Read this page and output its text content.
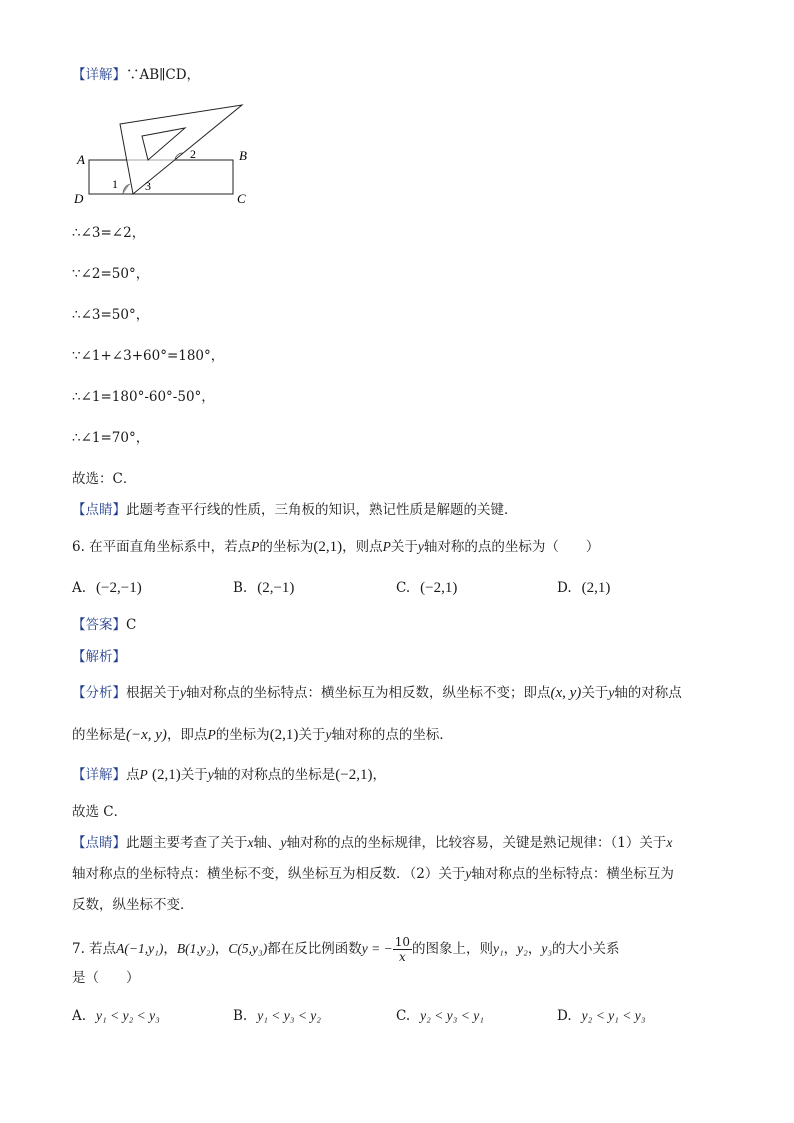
【详解】∵AB∥CD，
A	B
C
D
1
2
3
∴∠3=∠2，
∵∠2=50°，
∴∠3=50°，
∵∠1+∠3+60°=180°，
∴∠1=180°-60°-50°，
∴∠1=70°，
故选：C．
【点睛】此题考查平行线的性质，三角板的知识，熟记性质是解题的关键．
6. 在平面直角坐标系中，若点P的坐标为(2,1)，则点P关于y轴对称的点的坐标为（　　）
A. (−2,−1)	B. (2,−1)	C. (−2,1)	D. (2,1)
【答案】C
【解析】
【分析】根据关于y轴对称点的坐标特点：横坐标互为相反数，纵坐标不变；即点(x, y)关于y轴的对称点
的坐标是(−x, y)，即点P的坐标为(2,1)关于y轴对称的点的坐标．
【详解】点P (2,1)关于y轴的对称点的坐标是(−2,1)，
故选 C．
【点睛】此题主要考查了关于x轴、y轴对称的点的坐标规律，比较容易，关键是熟记规律：（1）关于x
轴对称点的坐标特点：横坐标不变，纵坐标互为相反数．（2）关于y轴对称点的坐标特点：横坐标互为
反数，纵坐标不变．
7. 若点A(−1,y₁)，B(1,y₂)，C(5,y₃)都在反比例函数y = − $\frac{10}{x}$ 的图象上，则y₁，y₂，y₃的大小关系
是（　　）
A. y₁ < y₂ < y₃	B. y₁ < y₃ < y₂	C. y₂ < y₃ < y₁	D. y₂ < y₁ < y₃
